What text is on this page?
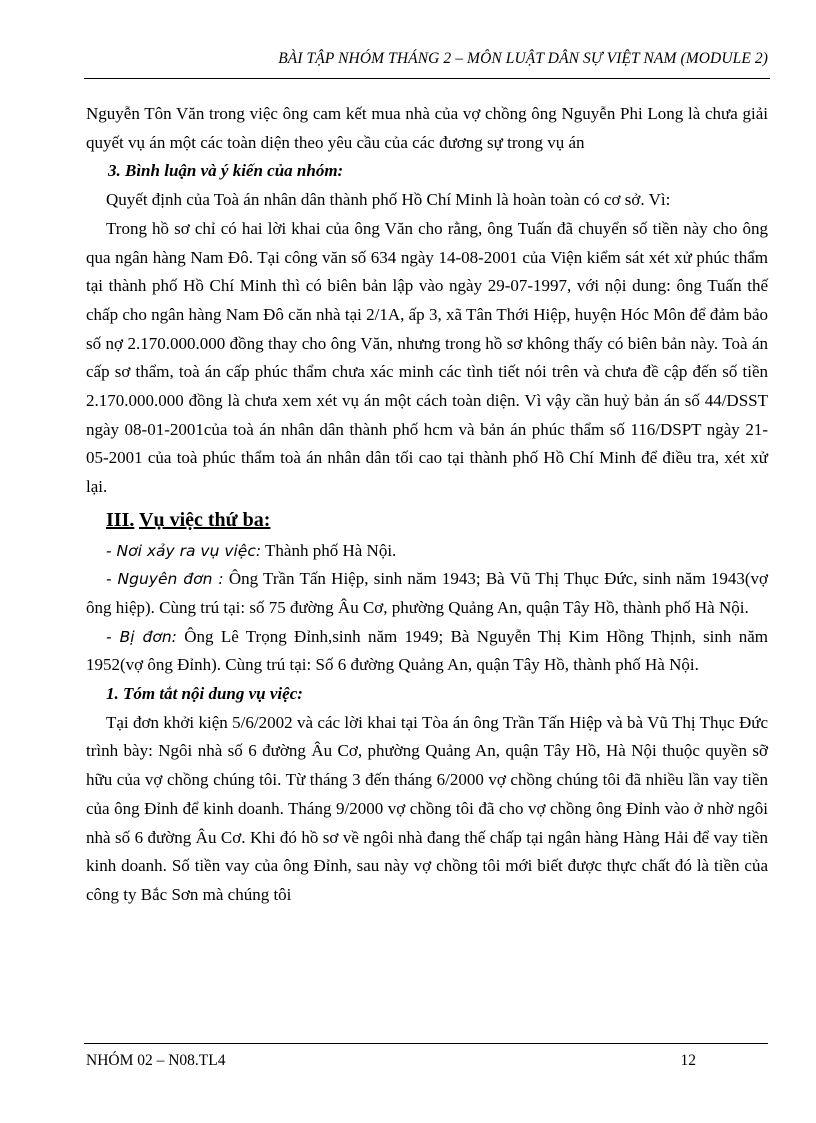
BÀI TẬP NHÓM THÁNG 2 – MÔN LUẬT DÂN SỰ VIỆT NAM (MODULE 2)

Nguyễn Tôn Văn trong việc ông cam kết mua nhà của vợ chồng ông Nguyễn Phi Long là chưa giải quyết vụ án một các toàn diện theo yêu cầu của các đương sự trong vụ án

3. Bình luận và ý kiến của nhóm:

Quyết định của Toà án nhân dân thành phố Hồ Chí Minh là hoàn toàn có cơ sở. Vì:

Trong hồ sơ chỉ có hai lời khai của ông Văn cho rằng, ông Tuấn đã chuyển số tiền này cho ông qua ngân hàng Nam Đô. Tại công văn số 634 ngày 14-08-2001 của Viện kiểm sát xét xử phúc thẩm tại thành phố Hồ Chí Minh thì có biên bản lập vào ngày 29-07-1997, với nội dung: ông Tuấn thế chấp cho ngân hàng Nam Đô căn nhà tại 2/1A, ấp 3, xã Tân Thới Hiệp, huyện Hóc Môn để đảm bảo số nợ 2.170.000.000 đồng thay cho ông Văn, nhưng trong hồ sơ không thấy có biên bản này. Toà án cấp sơ thẩm, toà án cấp phúc thẩm chưa xác minh các tình tiết nói trên và chưa đề cập đến số tiền 2.170.000.000 đồng là chưa xem xét vụ án một cách toàn diện. Vì vậy cần huỷ bản án số 44/DSST ngày 08-01-2001của toà án nhân dân thành phố hcm và bản án phúc thẩm số 116/DSPT ngày 21-05-2001 của toà phúc thẩm toà án nhân dân tối cao tại thành phố Hồ Chí Minh để điều tra, xét xử lại.

III. Vụ việc thứ ba:

- Nơi xảy ra vụ việc: Thành phố Hà Nội.

- Nguyên đơn : Ông Trần Tấn Hiệp, sinh năm 1943; Bà Vũ Thị Thục Đức, sinh năm 1943(vợ ông hiệp). Cùng trú tại: số 75 đường Âu Cơ, phường Quảng An, quận Tây Hồ, thành phố Hà Nội.

- Bị đơn: Ông Lê Trọng Đỉnh,sinh năm 1949; Bà Nguyễn Thị Kim Hồng Thịnh, sinh năm 1952(vợ ông Đỉnh). Cùng trú tại: Số 6 đường Quảng An, quận Tây Hồ, thành phố Hà Nội.

1. Tóm tắt nội dung vụ việc:

Tại đơn khởi kiện 5/6/2002 và các lời khai tại Tòa án ông Trần Tấn Hiệp và bà Vũ Thị Thục Đức trình bày: Ngôi nhà số 6 đường Âu Cơ, phường Quảng An, quận Tây Hồ, Hà Nội thuộc quyền sỡ hữu của vợ chồng chúng tôi. Từ tháng 3 đến tháng 6/2000 vợ chồng chúng tôi đã nhiều lần vay tiền của ông Đỉnh để kinh doanh. Tháng 9/2000 vợ chồng tôi đã cho vợ chồng ông Đỉnh vào ở nhờ ngôi nhà số 6 đường Âu Cơ. Khi đó hồ sơ về ngôi nhà đang thế chấp tại ngân hàng Hàng Hải để vay tiền kinh doanh. Số tiền vay của ông Đỉnh, sau này vợ chồng tôi mới biết được thực chất đó là tiền của công ty Bắc Sơn mà chúng tôi

NHÓM 02 – N08.TL4	12
